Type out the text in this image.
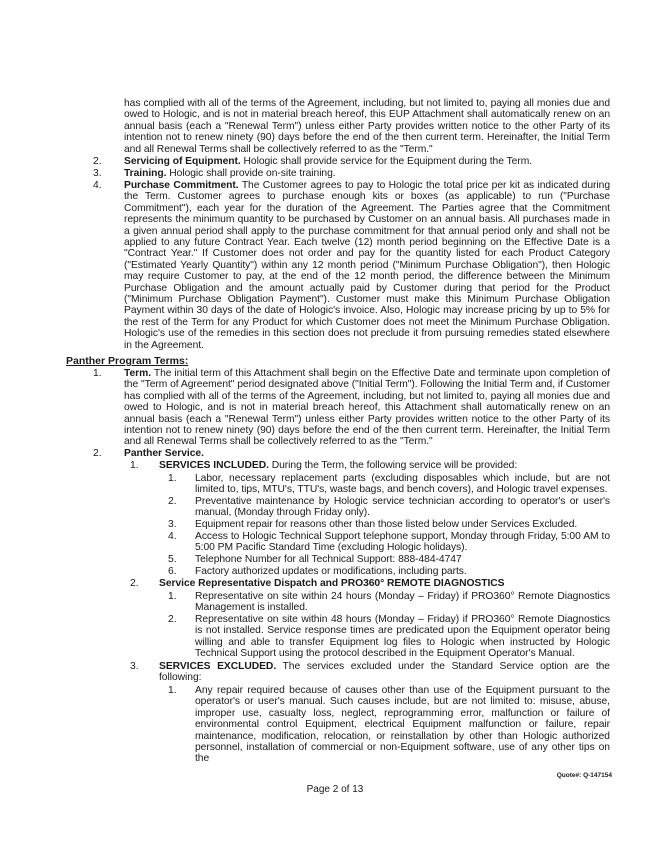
has complied with all of the terms of the Agreement, including, but not limited to, paying all monies due and owed to Hologic, and is not in material breach hereof, this EUP Attachment shall automatically renew on an annual basis (each a "Renewal Term") unless either Party provides written notice to the other Party of its intention not to renew ninety (90) days before the end of the then current term. Hereinafter, the Initial Term and all Renewal Terms shall be collectively referred to as the "Term."
2. Servicing of Equipment. Hologic shall provide service for the Equipment during the Term.
3. Training. Hologic shall provide on-site training.
4. Purchase Commitment. The Customer agrees to pay to Hologic the total price per kit as indicated during the Term. Customer agrees to purchase enough kits or boxes (as applicable) to run ("Purchase Commitment"), each year for the duration of the Agreement. The Parties agree that the Commitment represents the minimum quantity to be purchased by Customer on an annual basis. All purchases made in a given annual period shall apply to the purchase commitment for that annual period only and shall not be applied to any future Contract Year. Each twelve (12) month period beginning on the Effective Date is a "Contract Year." If Customer does not order and pay for the quantity listed for each Product Category ("Estimated Yearly Quantity") within any 12 month period ("Minimum Purchase Obligation"), then Hologic may require Customer to pay, at the end of the 12 month period, the difference between the Minimum Purchase Obligation and the amount actually paid by Customer during that period for the Product ("Minimum Purchase Obligation Payment"). Customer must make this Minimum Purchase Obligation Payment within 30 days of the date of Hologic's invoice. Also, Hologic may increase pricing by up to 5% for the rest of the Term for any Product for which Customer does not meet the Minimum Purchase Obligation. Hologic's use of the remedies in this section does not preclude it from pursuing remedies stated elsewhere in the Agreement.
Panther Program Terms:
1. Term. The initial term of this Attachment shall begin on the Effective Date and terminate upon completion of the "Term of Agreement" period designated above ("Initial Term"). Following the Initial Term and, if Customer has complied with all of the terms of the Agreement, including, but not limited to, paying all monies due and owed to Hologic, and is not in material breach hereof, this Attachment shall automatically renew on an annual basis (each a "Renewal Term") unless either Party provides written notice to the other Party of its intention not to renew ninety (90) days before the end of the then current term. Hereinafter, the Initial Term and all Renewal Terms shall be collectively referred to as the "Term."
2. Panther Service.
1. SERVICES INCLUDED. During the Term, the following service will be provided:
1. Labor, necessary replacement parts (excluding disposables which include, but are not limited to, tips, MTU's, TTU's, waste bags, and bench covers), and Hologic travel expenses.
2. Preventative maintenance by Hologic service technician according to operator's or user's manual, (Monday through Friday only).
3. Equipment repair for reasons other than those listed below under Services Excluded.
4. Access to Hologic Technical Support telephone support, Monday through Friday, 5:00 AM to 5:00 PM Pacific Standard Time (excluding Hologic holidays).
5. Telephone Number for all Technical Support: 888-484-4747
6. Factory authorized updates or modifications, including parts.
2. Service Representative Dispatch and PRO360° REMOTE DIAGNOSTICS
1. Representative on site within 24 hours (Monday – Friday) if PRO360° Remote Diagnostics Management is installed.
2. Representative on site within 48 hours (Monday – Friday) if PRO360° Remote Diagnostics is not installed. Service response times are predicated upon the Equipment operator being willing and able to transfer Equipment log files to Hologic when instructed by Hologic Technical Support using the protocol described in the Equipment Operator's Manual.
3. SERVICES EXCLUDED. The services excluded under the Standard Service option are the following:
1. Any repair required because of causes other than use of the Equipment pursuant to the operator's or user's manual. Such causes include, but are not limited to: misuse, abuse, improper use, casualty loss, neglect, reprogramming error, malfunction or failure of environmental control Equipment, electrical Equipment malfunction or failure, repair maintenance, modification, relocation, or reinstallation by other than Hologic authorized personnel, installation of commercial or non-Equipment software, use of any other tips on the
Quote#: Q-147154
Page 2 of 13
